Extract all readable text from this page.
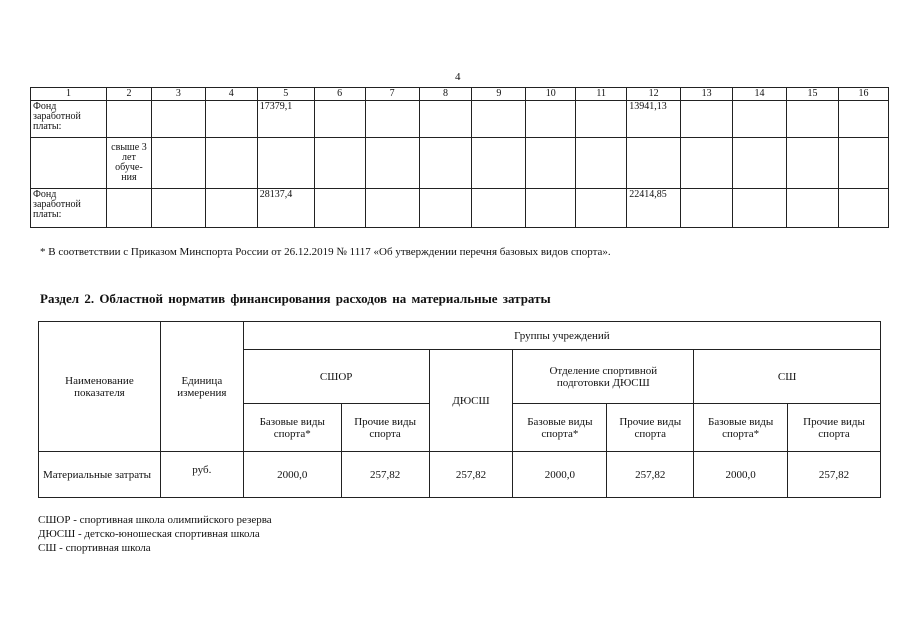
4
1	2	3	4	5	6	7	8	9	10	11	12	13	14	15	16
Фонд заработной платы:				17379,1							13941,13				
	свыше 3 лет обуче-ния														
Фонд заработной платы:				28137,4							22414,85				
* В соответствии с Приказом Минспорта России от 26.12.2019 № 1117 «Об утверждении перечня базовых видов спорта».
Раздел 2. Областной норматив финансирования расходов на материальные затраты
Наименование показателя	Единица измерения	Группы учреждений						
		СШОР		ДЮСШ	Отделение спортивной подготовки ДЮСШ		СШ	
		Базовые виды спорта*	Прочие виды спорта		Базовые виды спорта*	Прочие виды спорта	Базовые виды спорта*	Прочие виды спорта
Материальные затраты	руб.	2000,0	257,82	257,82	2000,0	257,82	2000,0	257,82
СШОР - спортивная школа олимпийского резерва
ДЮСШ - детско-юношеская спортивная школа
СШ - спортивная школа
